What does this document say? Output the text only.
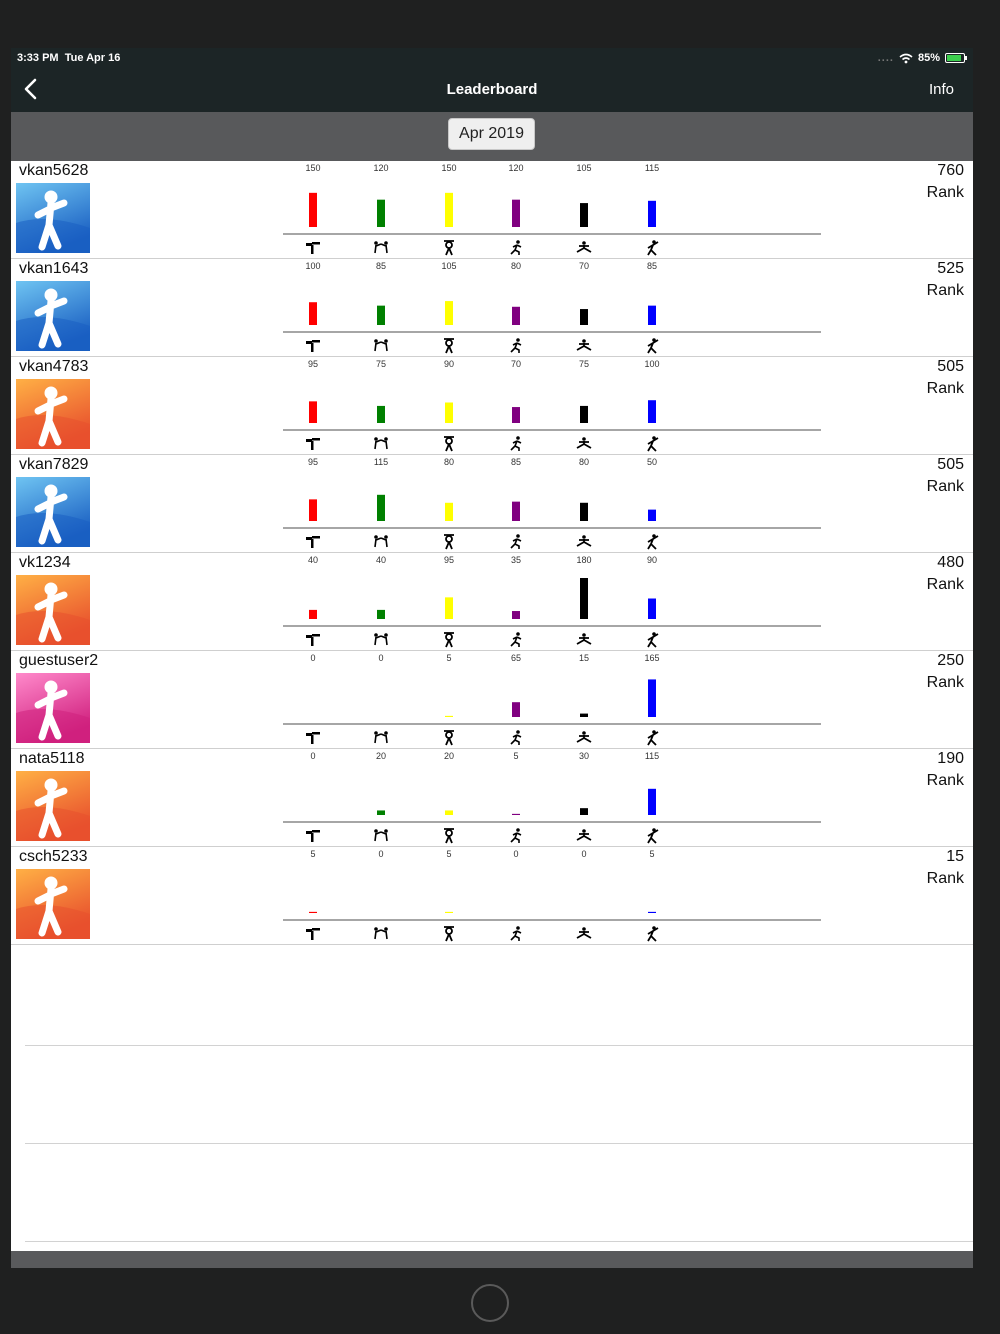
3:33 PM Tue Apr 16	.... 85%
Leaderboard	Info
Apr 2019
vkan5628	150	120	150	120	105	115	760
Rank
vkan1643	100	85	105	80	70	85	525
Rank
vkan4783	95	75	90	70	75	100	505
Rank
vkan7829	95	115	80	85	80	50	505
Rank
vk1234	40	40	95	35	180	90	480
Rank
guestuser2	0	0	5	65	15	165	250
Rank
nata5118	0	20	20	5	30	115	190
Rank
csch5233	5	0	5	0	0	5	15
Rank
